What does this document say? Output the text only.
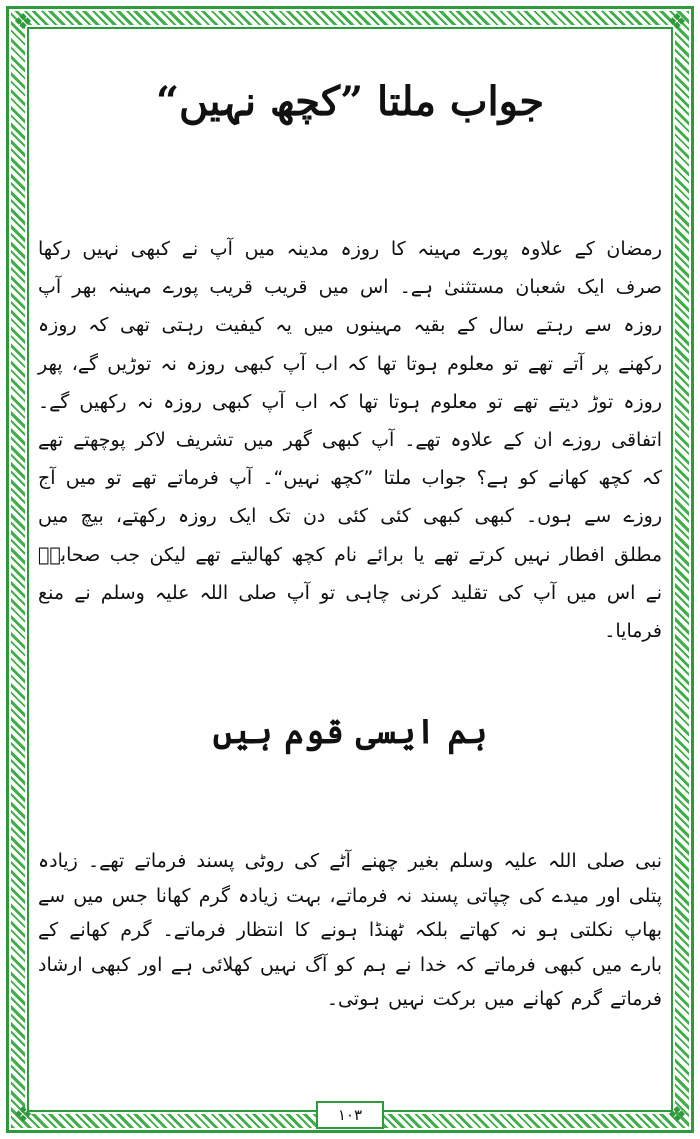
❖	❖
❖	❖
جواب ملتا ”کچھ نہیں“

رمضان کے علاوہ پورے مہینہ کا روزہ مدینہ میں آپ نے کبھی نہیں رکھا صرف ایک شعبان مستثنیٰ ہے۔ اس میں قریب قریب پورے مہینہ بھر آپ روزہ سے رہتے سال کے بقیہ مہینوں میں یہ کیفیت رہتی تھی کہ روزہ رکھنے پر آتے تھے تو معلوم ہوتا تھا کہ اب آپ کبھی روزہ نہ توڑیں گے، پھر روزہ توڑ دیتے تھے تو معلوم ہوتا تھا کہ اب آپ کبھی روزہ نہ رکھیں گے۔ اتفاقی روزے ان کے علاوہ تھے۔ آپ کبھی گھر میں تشریف لاکر پوچھتے تھے کہ کچھ کھانے کو ہے؟ جواب ملتا ”کچھ نہیں“۔ آپ فرماتے تھے تو میں آج روزے سے ہوں۔ کبھی کبھی کئی کئی دن تک ایک روزہ رکھتے، بیچ میں مطلق افطار نہیں کرتے تھے یا برائے نام کچھ کھالیتے تھے لیکن جب صحابہؓ نے اس میں آپ کی تقلید کرنی چاہی تو آپ صلی اللہ علیہ وسلم نے منع فرمایا۔

ہم ایسی قوم ہیں

نبی صلی اللہ علیہ وسلم بغیر چھنے آٹے کی روٹی پسند فرماتے تھے۔ زیادہ پتلی اور میدے کی چپاتی پسند نہ فرماتے، بہت زیادہ گرم کھانا جس میں سے بھاپ نکلتی ہو نہ کھاتے بلکہ ٹھنڈا ہونے کا انتظار فرماتے۔ گرم کھانے کے بارے میں کبھی فرماتے کہ خدا نے ہم کو آگ نہیں کھلائی ہے اور کبھی ارشاد فرماتے گرم کھانے میں برکت نہیں ہوتی۔

۱۰۳
